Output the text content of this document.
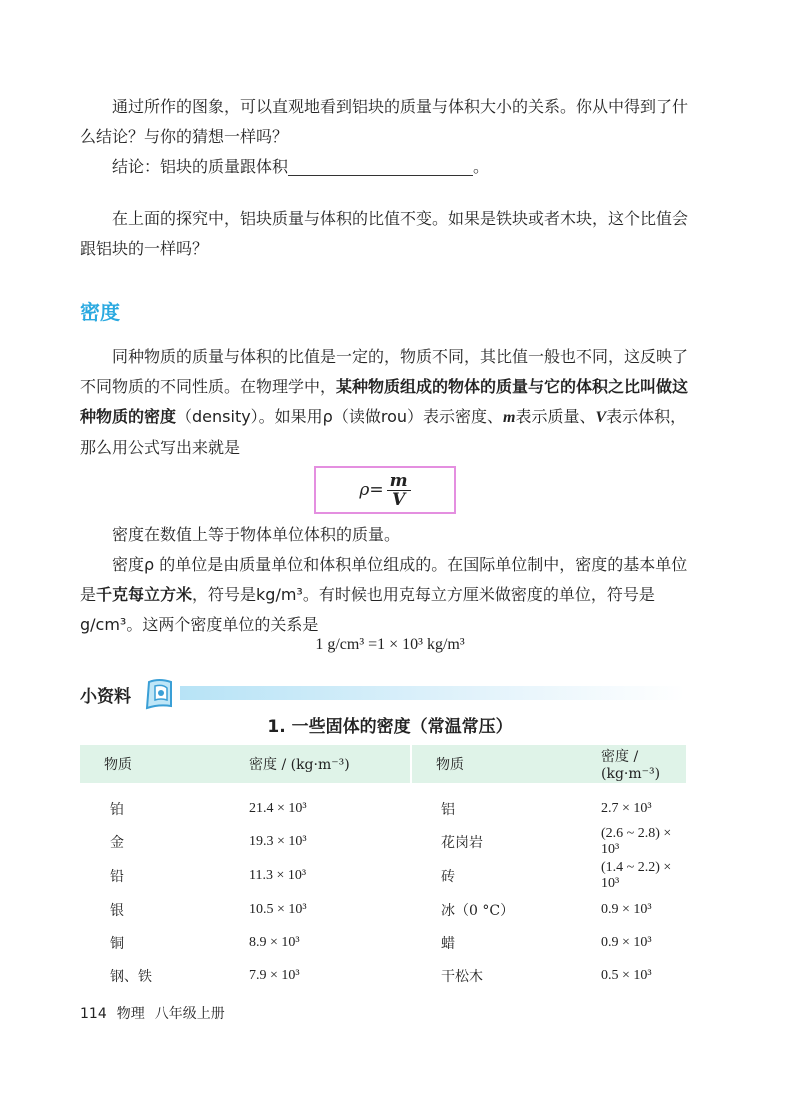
通过所作的图象，可以直观地看到铝块的质量与体积大小的关系。你从中得到了什么结论？与你的猜想一样吗？

结论：铝块的质量跟体积	。

在上面的探究中，铝块质量与体积的比值不变。如果是铁块或者木块，这个比值会跟铝块的一样吗？

密度

同种物质的质量与体积的比值是一定的，物质不同，其比值一般也不同，这反映了不同物质的不同性质。在物理学中，某种物质组成的物体的质量与它的体积之比叫做这种物质的密度（density）。如果用ρ（读做rou）表示密度、m表示质量、V表示体积，那么用公式写出来就是

$\rho= \frac{m}{V}$

密度在数值上等于物体单位体积的质量。

密度ρ 的单位是由质量单位和体积单位组成的。在国际单位制中，密度的基本单位是千克每立方米，符号是kg/m³。有时候也用克每立方厘米做密度的单位，符号是g/cm³。这两个密度单位的关系是

1 g/cm³ =1 × 10³ kg/m³
小资料
1. 一些固体的密度（常温常压）
物质	密度 / (kg·m⁻³)	物质	密度 / (kg·m⁻³)
铂	21.4 × 10³	铝	2.7 × 10³
金	19.3 × 10³	花岗岩	(2.6 ~ 2.8) × 10³
铅	11.3 × 10³	砖	(1.4 ~ 2.2) × 10³
银	10.5 × 10³	冰（0 °C）	0.9 × 10³
铜	8.9 × 10³	蜡	0.9 × 10³
钢、铁	7.9 × 10³	干松木	0.5 × 10³
114 物理 八年级上册
